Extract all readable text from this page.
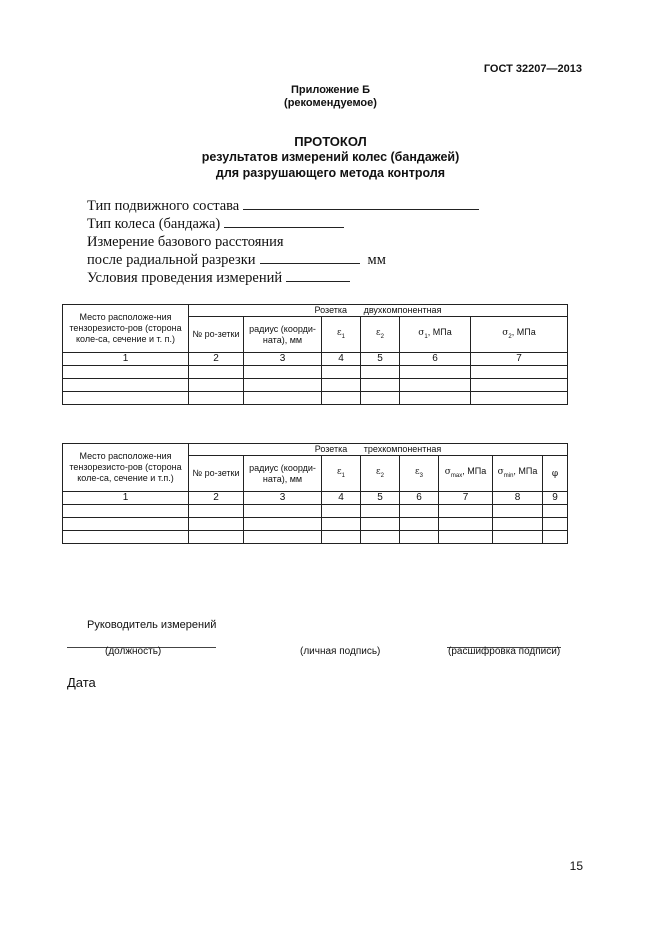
ГОСТ 32207—2013
Приложение Б
(рекомендуемое)
ПРОТОКОЛ
результатов измерений колес (бандажей)
для разрушающего метода контроля
Тип подвижного состава
Тип колеса (бандажа)
Измерение базового расстояния
после радиальной разрезки	мм
Условия проведения измерений
Место расположе-ния тензорезисто-ров (сторона коле-са, сечение и т. п.)	Розетка двухкомпонентная					
	№ ро-зетки	радиус (коорди-ната), мм	$\varepsilon_1$	$\varepsilon_2$	$\sigma_1$, МПа	$\sigma_2$, МПа
1	2	3	4	5	6	7

Место расположе-ния тензорезисто-ров (сторона коле-са, сечение и т.п.)	Розетка трехкомпонентная							
	№ ро-зетки	радиус (коорди-ната), мм	$\varepsilon_1$	$\varepsilon_2$	$\varepsilon_3$	$\sigma_{max}$, МПа	$\sigma_{min}$, МПа	φ
1	2	3	4	5	6	7	8	9

Руководитель измерений
(должность)	(личная подпись)	(расшифровка подписи)
Дата
15
